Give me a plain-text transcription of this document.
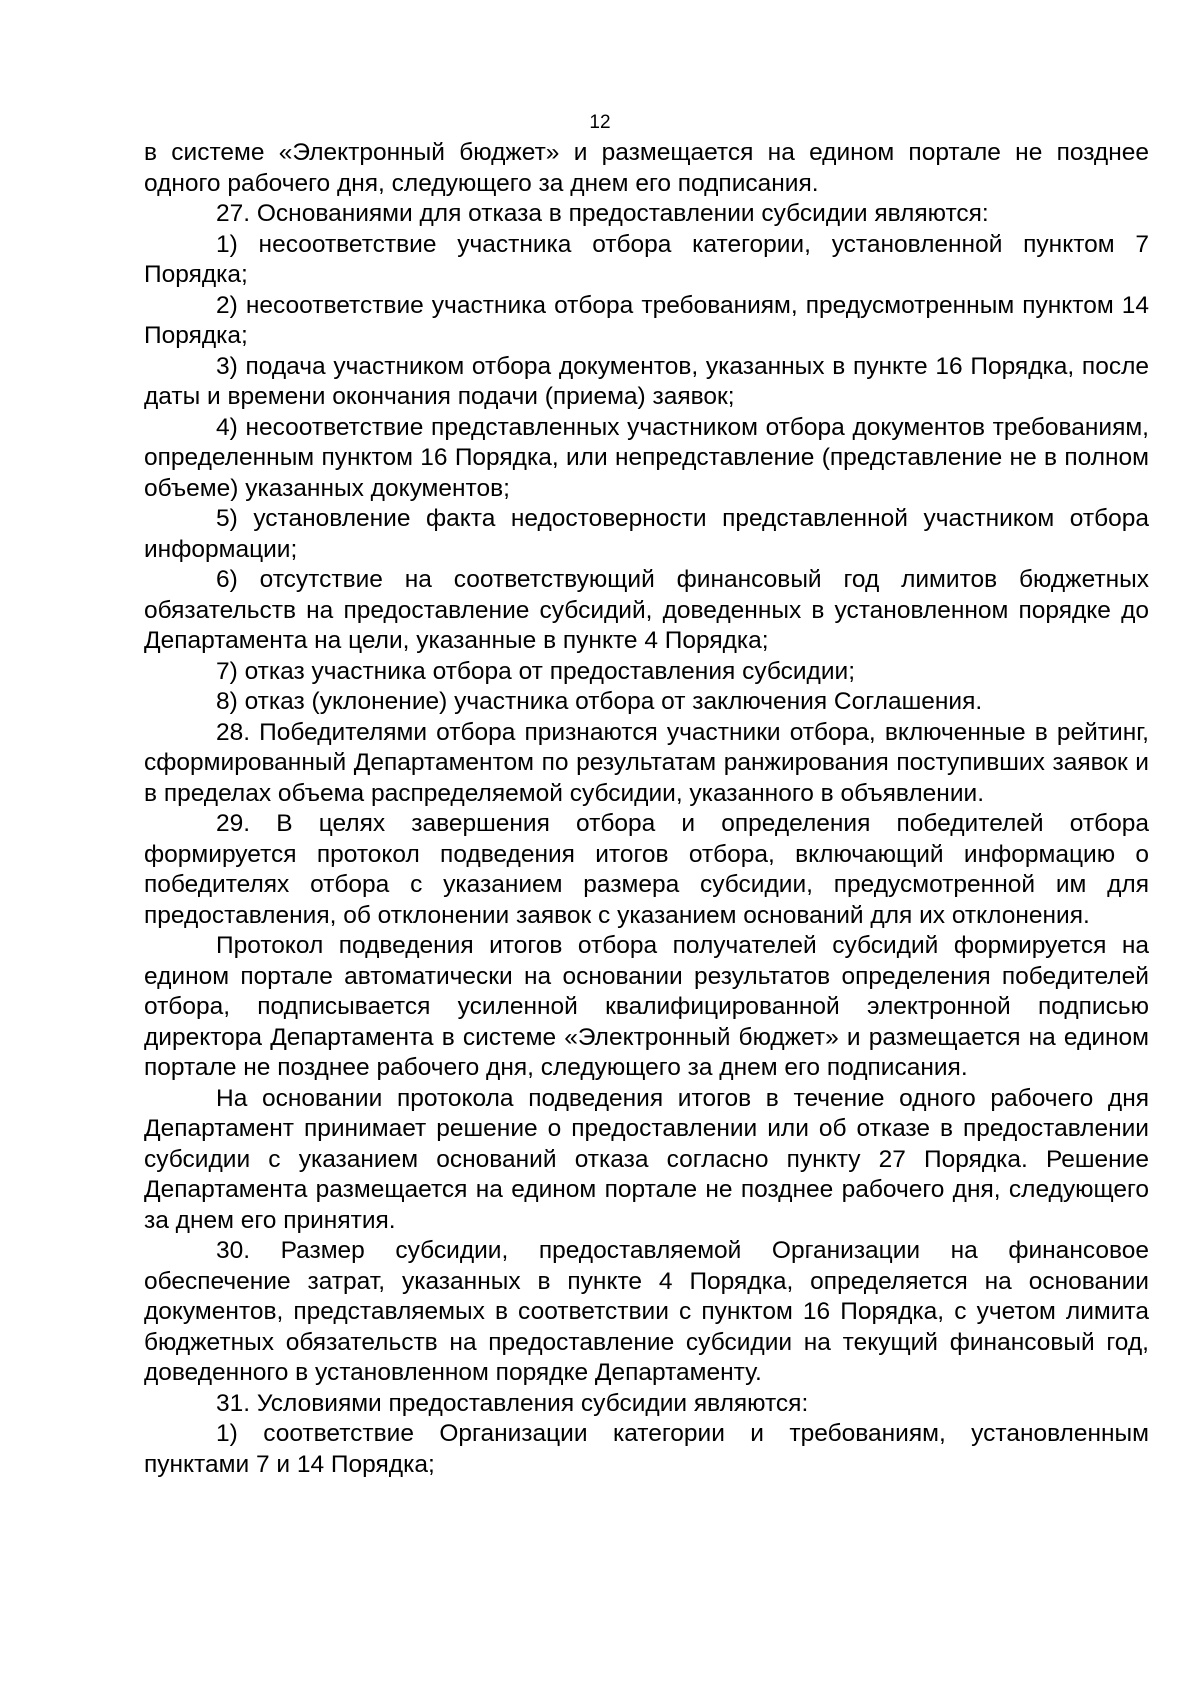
12

в системе «Электронный бюджет» и размещается на едином портале не позднее одного рабочего дня, следующего за днем его подписания.

27. Основаниями для отказа в предоставлении субсидии являются:

1) несоответствие участника отбора категории, установленной пунктом 7 Порядка;

2) несоответствие участника отбора требованиям, предусмотренным пунктом 14 Порядка;

3) подача участником отбора документов, указанных в пункте 16 Порядка, после даты и времени окончания подачи (приема) заявок;

4) несоответствие представленных участником отбора документов требованиям, определенным пунктом 16 Порядка, или непредставление (представление не в полном объеме) указанных документов;

5) установление факта недостоверности представленной участником отбора информации;

6) отсутствие на соответствующий финансовый год лимитов бюджетных обязательств на предоставление субсидий, доведенных в установленном порядке до Департамента на цели, указанные в пункте 4 Порядка;

7) отказ участника отбора от предоставления субсидии;

8) отказ (уклонение) участника отбора от заключения Соглашения.

28. Победителями отбора признаются участники отбора, включенные в рейтинг, сформированный Департаментом по результатам ранжирования поступивших заявок и в пределах объема распределяемой субсидии, указанного в объявлении.

29. В целях завершения отбора и определения победителей отбора формируется протокол подведения итогов отбора, включающий информацию о победителях отбора с указанием размера субсидии, предусмотренной им для предоставления, об отклонении заявок с указанием оснований для их отклонения.

Протокол подведения итогов отбора получателей субсидий формируется на едином портале автоматически на основании результатов определения победителей отбора, подписывается усиленной квалифицированной электронной подписью директора Департамента в системе «Электронный бюджет» и размещается на едином портале не позднее рабочего дня, следующего за днем его подписания.

На основании протокола подведения итогов в течение одного рабочего дня Департамент принимает решение о предоставлении или об отказе в предоставлении субсидии с указанием оснований отказа согласно пункту 27 Порядка. Решение Департамента размещается на едином портале не позднее рабочего дня, следующего за днем его принятия.

30. Размер субсидии, предоставляемой Организации на финансовое обеспечение затрат, указанных в пункте 4 Порядка, определяется на основании документов, представляемых в соответствии с пунктом 16 Порядка, с учетом лимита бюджетных обязательств на предоставление субсидии на текущий финансовый год, доведенного в установленном порядке Департаменту.

31. Условиями предоставления субсидии являются:

1) соответствие Организации категории и требованиям, установленным пунктами 7 и 14 Порядка;
